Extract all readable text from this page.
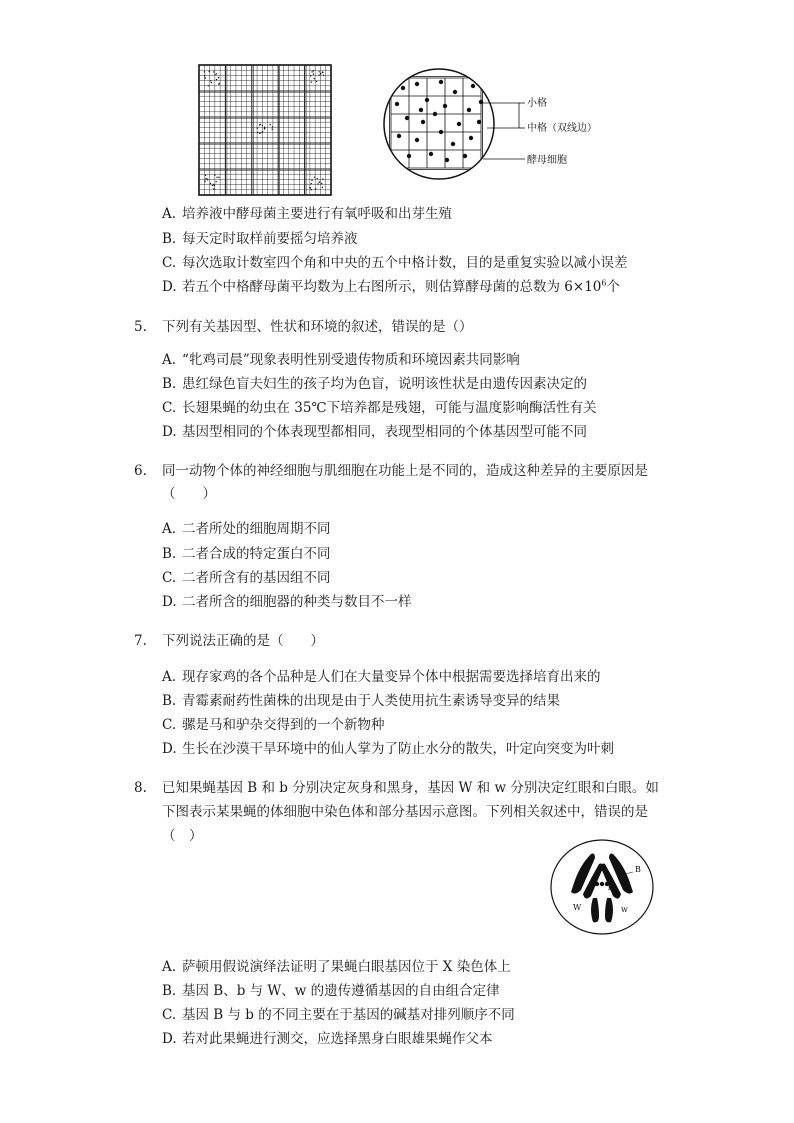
小格
中格（双线边）
酵母细胞
A. 培养液中酵母菌主要进行有氧呼吸和出芽生殖
B. 每天定时取样前要摇匀培养液
C. 每次选取计数室四个角和中央的五个中格计数，目的是重复实验以减小误差
D. 若五个中格酵母菌平均数为上右图所示，则估算酵母菌的总数为 $6\times 10^6$个
5. 下列有关基因型、性状和环境的叙述，错误的是（）
A. “牝鸡司晨”现象表明性别受遗传物质和环境因素共同影响
B. 患红绿色盲夫妇生的孩子均为色盲，说明该性状是由遗传因素决定的
C. 长翅果蝇的幼虫在 35℃下培养都是残翅，可能与温度影响酶活性有关
D. 基因型相同的个体表现型都相同，表现型相同的个体基因型可能不同
6. 同一动物个体的神经细胞与肌细胞在功能上是不同的，造成这种差异的主要原因是
（　　）
A. 二者所处的细胞周期不同
B. 二者合成的特定蛋白不同
C. 二者所含有的基因组不同
D. 二者所含的细胞器的种类与数目不一样
7. 下列说法正确的是（　　）
A. 现存家鸡的各个品种是人们在大量变异个体中根据需要选择培育出来的
B. 青霉素耐药性菌株的出现是由于人类使用抗生素诱导变异的结果
C. 骡是马和驴杂交得到的一个新物种
D. 生长在沙漠干旱环境中的仙人掌为了防止水分的散失，叶定向突变为叶刺
8. 已知果蝇基因 B 和 b 分别决定灰身和黑身，基因 W 和 w 分别决定红眼和白眼。如
下图表示某果蝇的体细胞中染色体和部分基因示意图。下列相关叙述中，错误的是
（　）
B
b
W	w
A. 萨顿用假说演绎法证明了果蝇白眼基因位于 X 染色体上
B. 基因 B、b 与 W、w 的遗传遵循基因的自由组合定律
C. 基因 B 与 b 的不同主要在于基因的碱基对排列顺序不同
D. 若对此果蝇进行测交，应选择黑身白眼雄果蝇作父本
